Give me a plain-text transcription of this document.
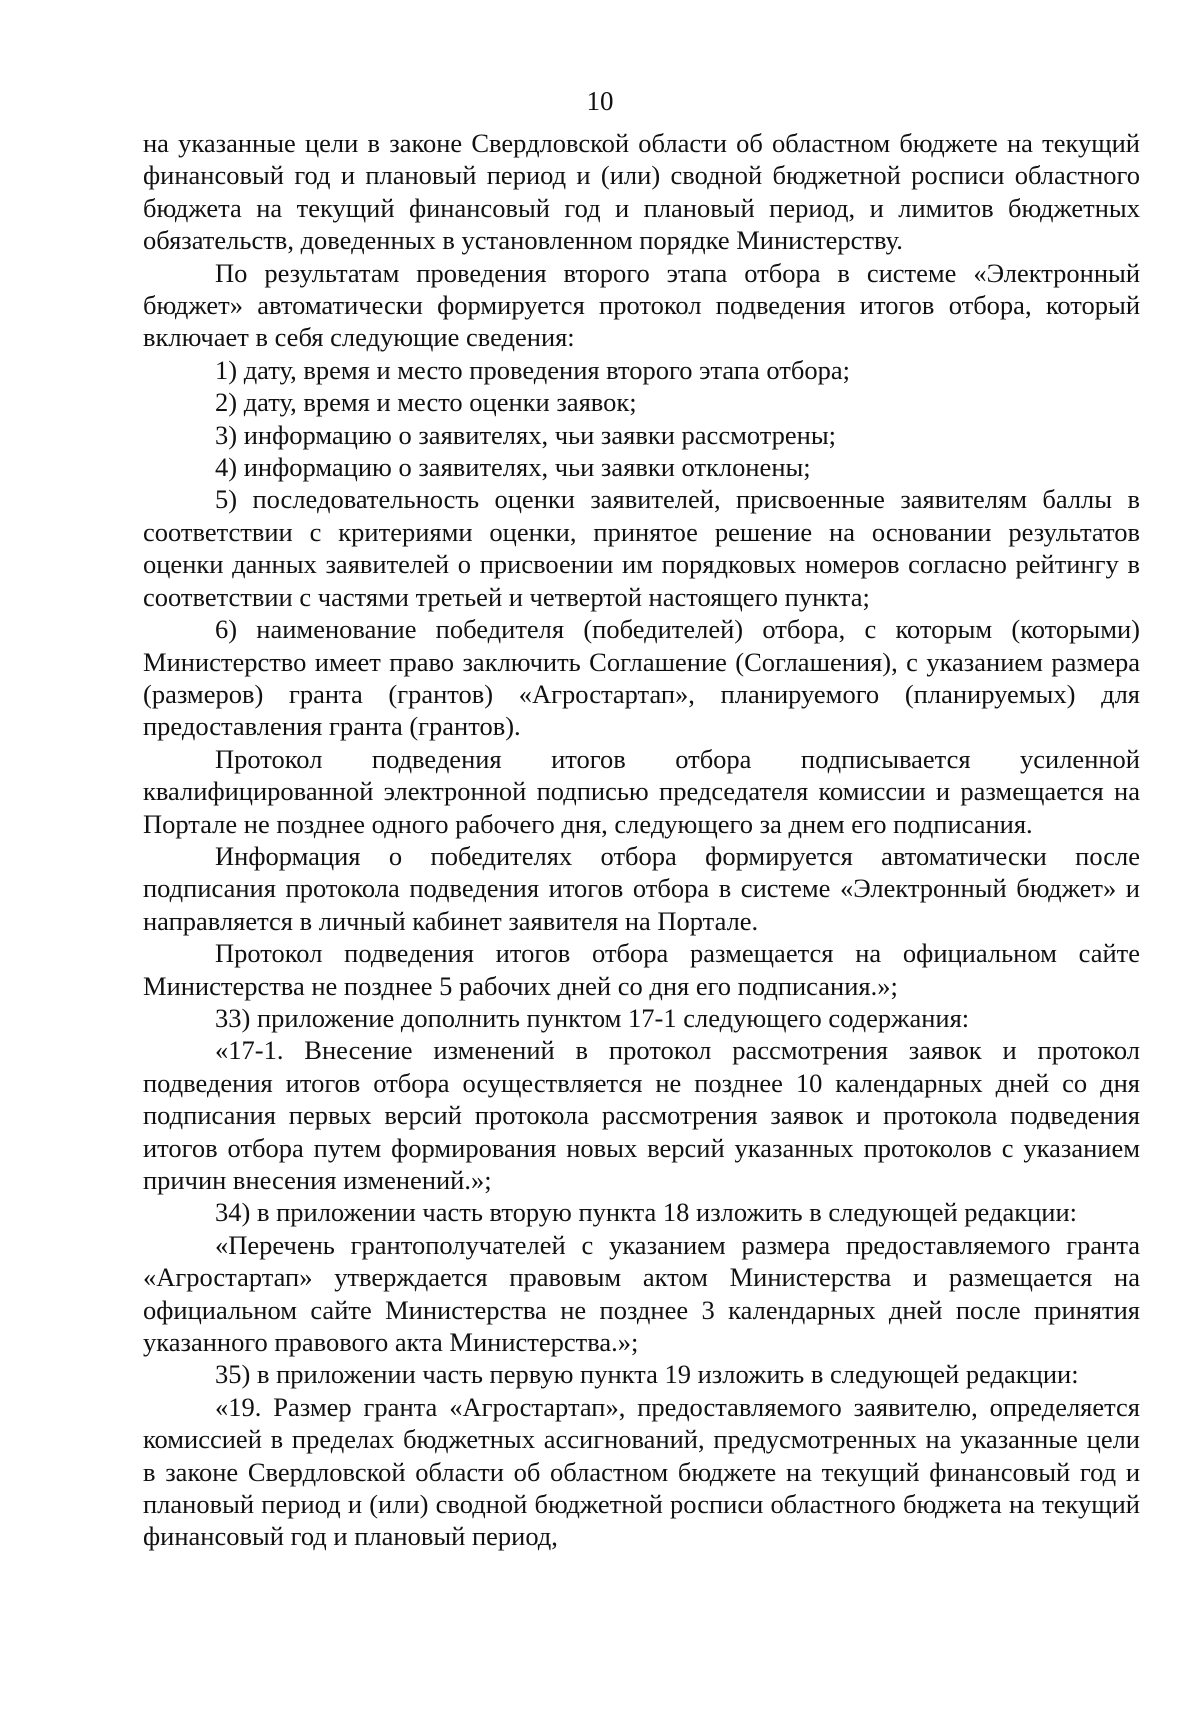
10

на указанные цели в законе Свердловской области об областном бюджете на текущий финансовый год и плановый период и (или) сводной бюджетной росписи областного бюджета на текущий финансовый год и плановый период, и лимитов бюджетных обязательств, доведенных в установленном порядке Министерству.

По результатам проведения второго этапа отбора в системе «Электронный бюджет» автоматически формируется протокол подведения итогов отбора, который включает в себя следующие сведения:

1) дату, время и место проведения второго этапа отбора;

2) дату, время и место оценки заявок;

3) информацию о заявителях, чьи заявки рассмотрены;

4) информацию о заявителях, чьи заявки отклонены;

5) последовательность оценки заявителей, присвоенные заявителям баллы в соответствии с критериями оценки, принятое решение на основании результатов оценки данных заявителей о присвоении им порядковых номеров согласно рейтингу в соответствии с частями третьей и четвертой настоящего пункта;

6) наименование победителя (победителей) отбора, с которым (которыми) Министерство имеет право заключить Соглашение (Соглашения), с указанием размера (размеров) гранта (грантов) «Агростартап», планируемого (планируемых) для предоставления гранта (грантов).

Протокол подведения итогов отбора подписывается усиленной квалифицированной электронной подписью председателя комиссии и размещается на Портале не позднее одного рабочего дня, следующего за днем его подписания.

Информация о победителях отбора формируется автоматически после подписания протокола подведения итогов отбора в системе «Электронный бюджет» и направляется в личный кабинет заявителя на Портале.

Протокол подведения итогов отбора размещается на официальном сайте Министерства не позднее 5 рабочих дней со дня его подписания.»;

33) приложение дополнить пунктом 17-1 следующего содержания:

«17-1. Внесение изменений в протокол рассмотрения заявок и протокол подведения итогов отбора осуществляется не позднее 10 календарных дней со дня подписания первых версий протокола рассмотрения заявок и протокола подведения итогов отбора путем формирования новых версий указанных протоколов с указанием причин внесения изменений.»;

34) в приложении часть вторую пункта 18 изложить в следующей редакции:

«Перечень грантополучателей с указанием размера предоставляемого гранта «Агростартап» утверждается правовым актом Министерства и размещается на официальном сайте Министерства не позднее 3 календарных дней после принятия указанного правового акта Министерства.»;

35) в приложении часть первую пункта 19 изложить в следующей редакции:

«19. Размер гранта «Агростартап», предоставляемого заявителю, определяется комиссией в пределах бюджетных ассигнований, предусмотренных на указанные цели в законе Свердловской области об областном бюджете на текущий финансовый год и плановый период и (или) сводной бюджетной росписи областного бюджета на текущий финансовый год и плановый период,
